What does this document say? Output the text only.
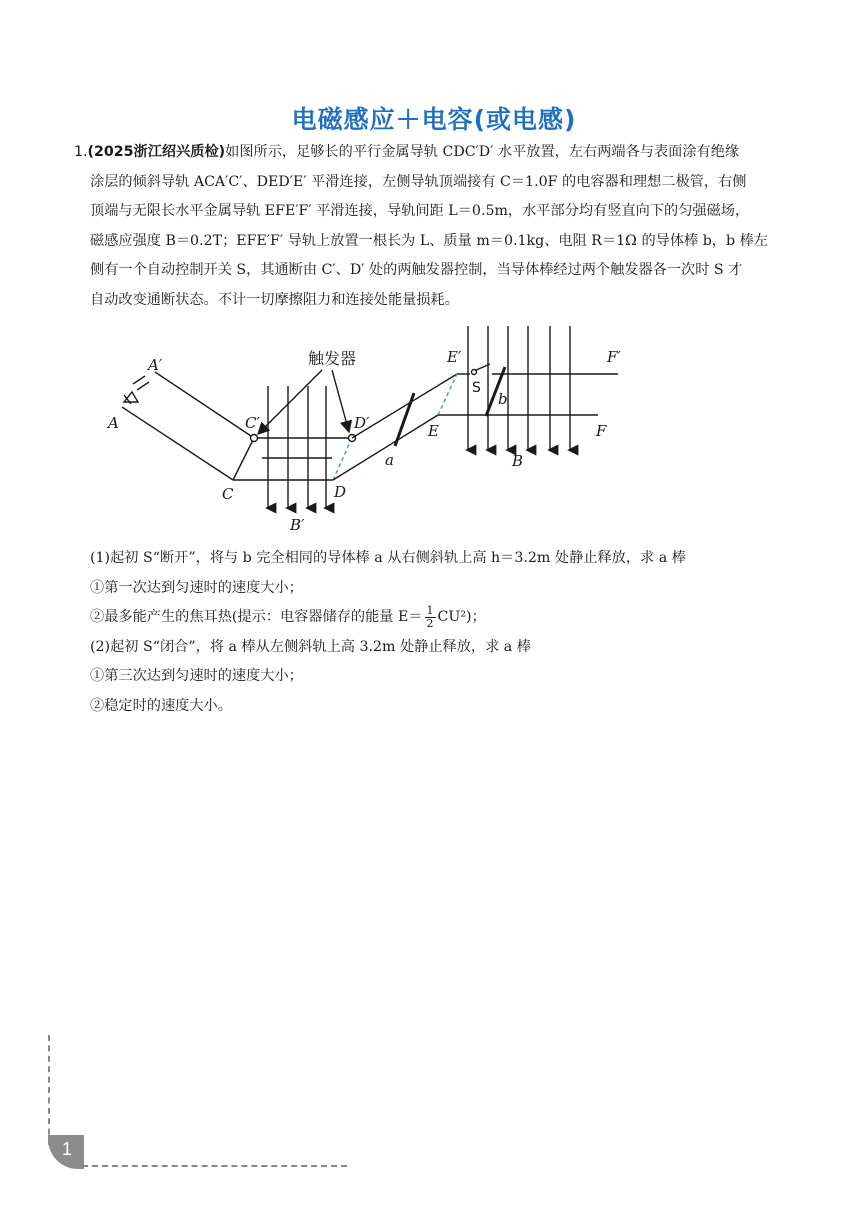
电磁感应＋电容(或电感)

1.(2025浙江绍兴质检)如图所示，足够长的平行金属导轨 CDC′D′ 水平放置，左右两端各与表面涂有绝缘

涂层的倾斜导轨 ACA′C′、DED′E′ 平滑连接，左侧导轨顶端接有 C＝1.0F 的电容器和理想二极管，右侧

顶端与无限长水平金属导轨 EFE′F′ 平滑连接，导轨间距 L＝0.5m，水平部分均有竖直向下的匀强磁场，

磁感应强度 B＝0.2T；EFE′F′ 导轨上放置一根长为 L、质量 m＝0.1kg、电阻 R＝1Ω 的导体棒 b，b 棒左

侧有一个自动控制开关 S，其通断由 C′、D′ 处的两触发器控制，当导体棒经过两个触发器各一次时 S 才

自动改变通断状态。不计一切摩擦阻力和连接处能量损耗。

A′
A	C′	D′
C	D
B′
E′
E
F′
F
b
a	B
S
触发器

(1)起初 S“断开”，将与 b 完全相同的导体棒 a 从右侧斜轨上高 h＝3.2m 处静止释放，求 a 棒

①第一次达到匀速时的速度大小；

②最多能产生的焦耳热(提示：电容器储存的能量 $E= \frac{1}{2} CU^2$)；

(2)起初 S“闭合”，将 a 棒从左侧斜轨上高 3.2m 处静止释放，求 a 棒

①第三次达到匀速时的速度大小；

②稳定时的速度大小。

1
